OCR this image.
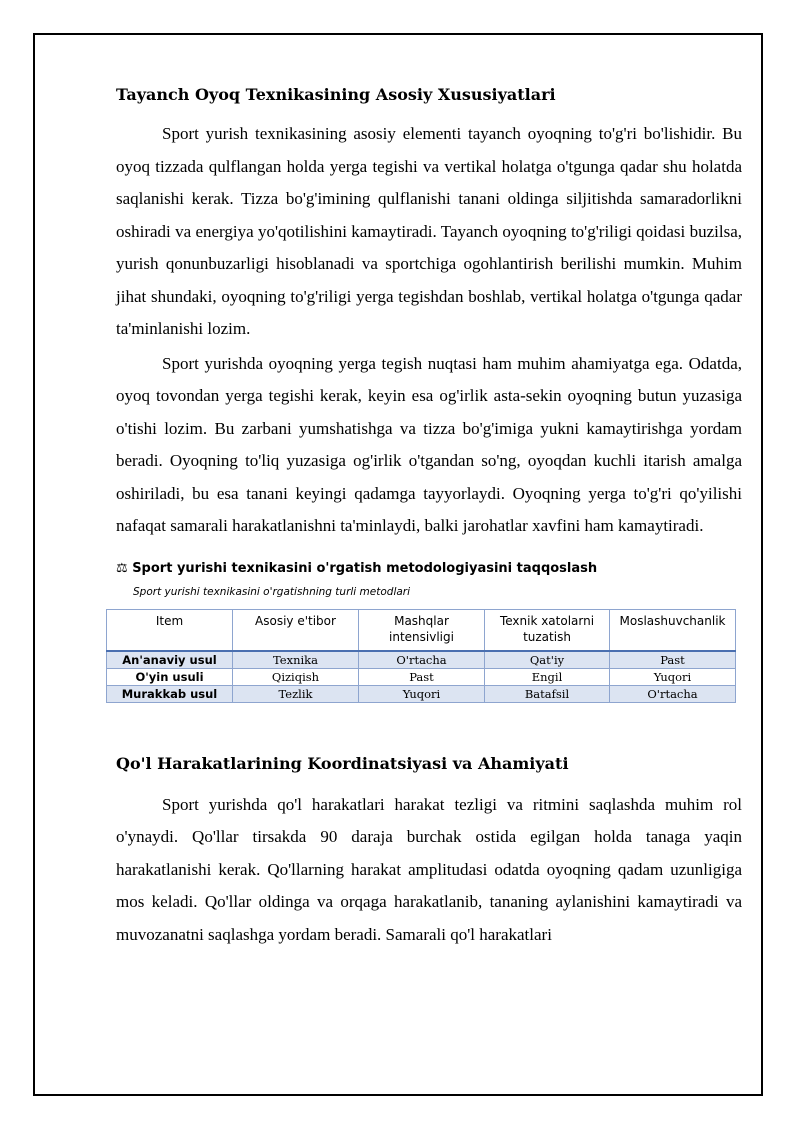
Tayanch Oyoq Texnikasining Asosiy Xususiyatlari

Sport yurish texnikasining asosiy elementi tayanch oyoqning to'g'ri bo'lishidir. Bu oyoq tizzada qulflangan holda yerga tegishi va vertikal holatga o'tgunga qadar shu holatda saqlanishi kerak. Tizza bo'g'imining qulflanishi tanani oldinga siljitishda samaradorlikni oshiradi va energiya yo'qotilishini kamaytiradi. Tayanch oyoqning to'g'riligi qoidasi buzilsa, yurish qonunbuzarligi hisoblanadi va sportchiga ogohlantirish berilishi mumkin. Muhim jihat shundaki, oyoqning to'g'riligi yerga tegishdan boshlab, vertikal holatga o'tgunga qadar ta'minlanishi lozim.

Sport yurishda oyoqning yerga tegish nuqtasi ham muhim ahamiyatga ega. Odatda, oyoq tovondan yerga tegishi kerak, keyin esa og'irlik asta-sekin oyoqning butun yuzasiga o'tishi lozim. Bu zarbani yumshatishga va tizza bo'g'imiga yukni kamaytirishga yordam beradi. Oyoqning to'liq yuzasiga og'irlik o'tgandan so'ng, oyoqdan kuchli itarish amalga oshiriladi, bu esa tanani keyingi qadamga tayyorlaydi. Oyoqning yerga to'g'ri qo'yilishi nafaqat samarali harakatlanishni ta'minlaydi, balki jarohatlar xavfini ham kamaytiradi.

⚖ Sport yurishi texnikasini o'rgatish metodologiyasini taqqoslash
Sport yurishi texnikasini o'rgatishning turli metodlari
Item	Asosiy e'tibor	Mashqlar intensivligi	Texnik xatolarni tuzatish	Moslashuvchanlik
An'anaviy usul	Texnika	O'rtacha	Qat'iy	Past
O'yin usuli	Qiziqish	Past	Engil	Yuqori
Murakkab usul	Tezlik	Yuqori	Batafsil	O'rtacha
Qo'l Harakatlarining Koordinatsiyasi va Ahamiyati

Sport yurishda qo'l harakatlari harakat tezligi va ritmini saqlashda muhim rol o'ynaydi. Qo'llar tirsakda 90 daraja burchak ostida egilgan holda tanaga yaqin harakatlanishi kerak. Qo'llarning harakat amplitudasi odatda oyoqning qadam uzunligiga mos keladi. Qo'llar oldinga va orqaga harakatlanib, tananing aylanishini kamaytiradi va muvozanatni saqlashga yordam beradi. Samarali qo'l harakatlari
